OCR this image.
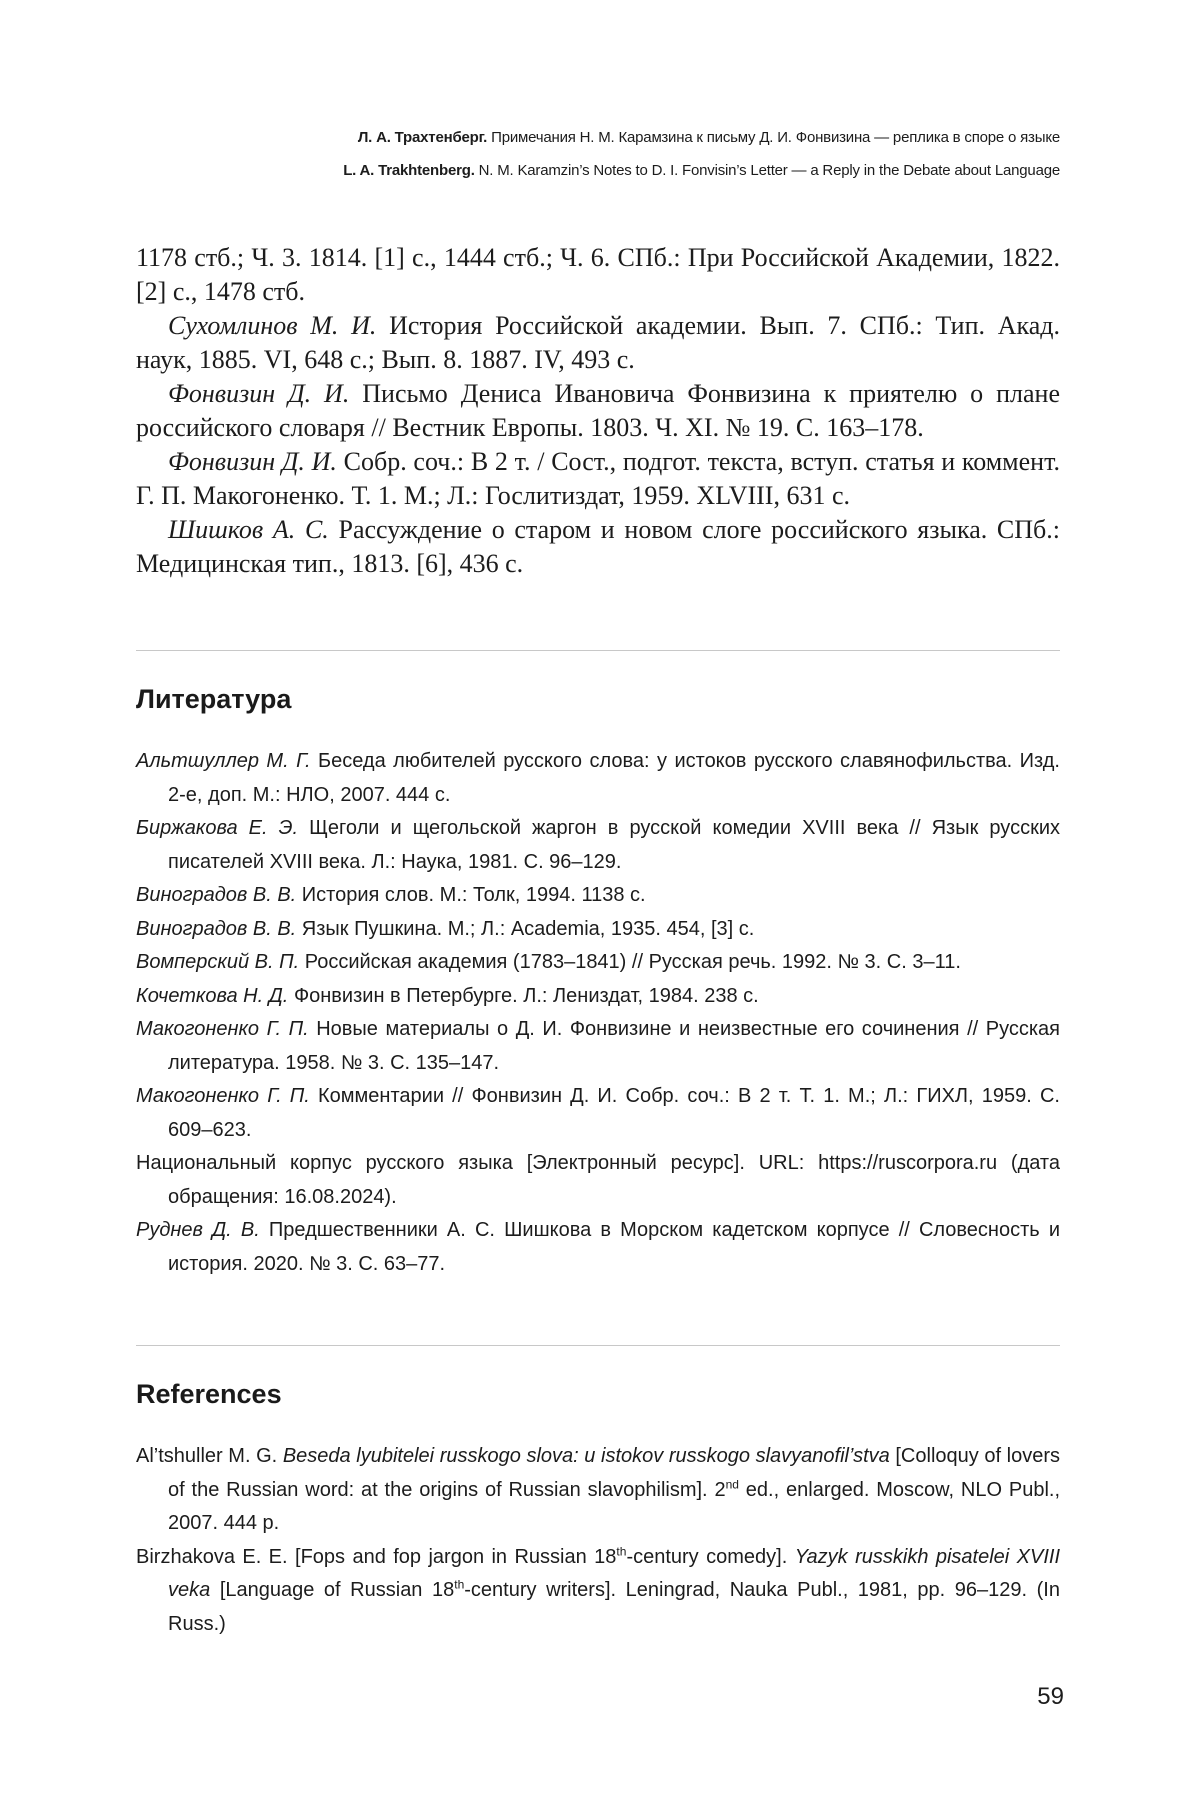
Л. А. Трахтенберг. Примечания Н. М. Карамзина к письму Д. И. Фонвизина — реплика в споре о языке
L. A. Trakhtenberg. N. M. Karamzin’s Notes to D. I. Fonvisin’s Letter — a Reply in the Debate about Language
1178 стб.; Ч. 3. 1814. [1] с., 1444 стб.; Ч. 6. СПб.: При Российской Академии, 1822. [2] с., 1478 стб.
Сухомлинов М. И. История Российской академии. Вып. 7. СПб.: Тип. Акад. наук, 1885. VI, 648 с.; Вып. 8. 1887. IV, 493 с.
Фонвизин Д. И. Письмо Дениса Ивановича Фонвизина к приятелю о плане российского словаря // Вестник Европы. 1803. Ч. XI. № 19. С. 163–178.
Фонвизин Д. И. Собр. соч.: В 2 т. / Сост., подгот. текста, вступ. статья и коммент. Г. П. Макогоненко. Т. 1. М.; Л.: Гослитиздат, 1959. XLVIII, 631 с.
Шишков А. С. Рассуждение о старом и новом слоге российского языка. СПб.: Медицинская тип., 1813. [6], 436 с.
Литература
Альтшуллер М. Г. Беседа любителей русского слова: у истоков русского славянофильства. Изд. 2-е, доп. М.: НЛО, 2007. 444 с.
Биржакова Е. Э. Щеголи и щегольской жаргон в русской комедии XVIII века // Язык русских писателей XVIII века. Л.: Наука, 1981. С. 96–129.
Виноградов В. В. История слов. М.: Толк, 1994. 1138 с.
Виноградов В. В. Язык Пушкина. М.; Л.: Academia, 1935. 454, [3] с.
Вомперский В. П. Российская академия (1783–1841) // Русская речь. 1992. № 3. С. 3–11.
Кочеткова Н. Д. Фонвизин в Петербурге. Л.: Лениздат, 1984. 238 с.
Макогоненко Г. П. Новые материалы о Д. И. Фонвизине и неизвестные его сочинения // Русская литература. 1958. № 3. С. 135–147.
Макогоненко Г. П. Комментарии // Фонвизин Д. И. Собр. соч.: В 2 т. Т. 1. М.; Л.: ГИХЛ, 1959. С. 609–623.
Национальный корпус русского языка [Электронный ресурс]. URL: https://ruscorpora.ru (дата обращения: 16.08.2024).
Руднев Д. В. Предшественники А. С. Шишкова в Морском кадетском корпусе // Словесность и история. 2020. № 3. С. 63–77.
References
Al’tshuller M. G. Beseda lyubitelei russkogo slova: u istokov russkogo slavyanofil’stva [Colloquy of lovers of the Russian word: at the origins of Russian slavophilism]. 2nd ed., enlarged. Moscow, NLO Publ., 2007. 444 p.
Birzhakova E. E. [Fops and fop jargon in Russian 18th-century comedy]. Yazyk russkikh pisatelei XVIII veka [Language of Russian 18th-century writers]. Leningrad, Nauka Publ., 1981, pp. 96–129. (In Russ.)
59
